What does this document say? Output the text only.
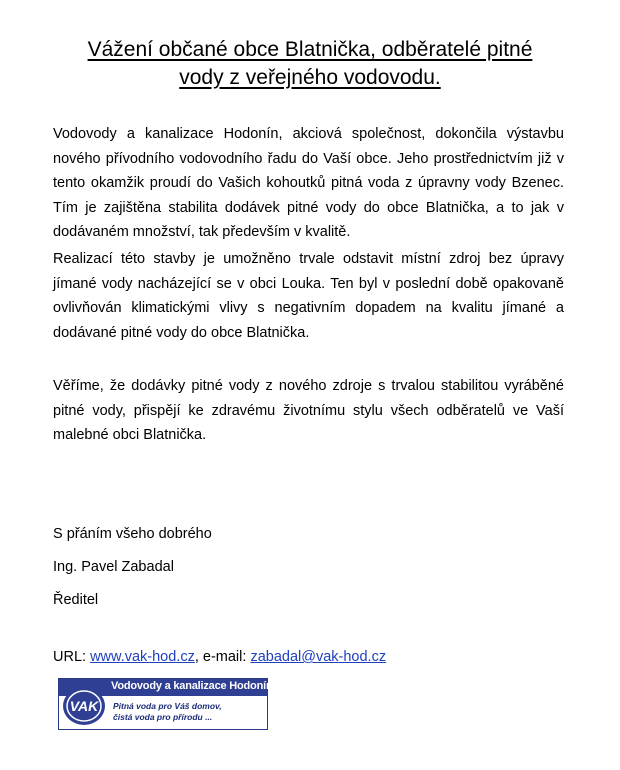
Vážení občané obce Blatnička, odběratelé pitné
vody z veřejného vodovodu.

Vodovody a kanalizace Hodonín, akciová společnost, dokončila výstavbu nového přívodního vodovodního řadu do Vaší obce. Jeho prostřednictvím již v tento okamžik proudí do Vašich kohoutků pitná voda z úpravny vody Bzenec. Tím je zajištěna stabilita dodávek pitné vody do obce Blatnička, a to jak v dodávaném množství, tak především v kvalitě.

Realizací této stavby je umožněno trvale odstavit místní zdroj bez úpravy jímané vody nacházející se v obci Louka. Ten byl v poslední době opakovaně ovlivňován klimatickými vlivy s negativním dopadem na kvalitu jímané a dodávané pitné vody do obce Blatnička.

Věříme, že dodávky pitné vody z nového zdroje s trvalou stabilitou vyráběné pitné vody, přispějí ke zdravému životnímu stylu všech odběratelů ve Vaší malebné obci Blatnička.

S přáním všeho dobrého
Ing. Pavel Zabadal
Ředitel
URL: www.vak-hod.cz, e-mail: zabadal@vak-hod.cz
VAK
Vodovody a kanalizace Hodonín, a.s.
Pitná voda pro Váš domov,
čistá voda pro přírodu ...
